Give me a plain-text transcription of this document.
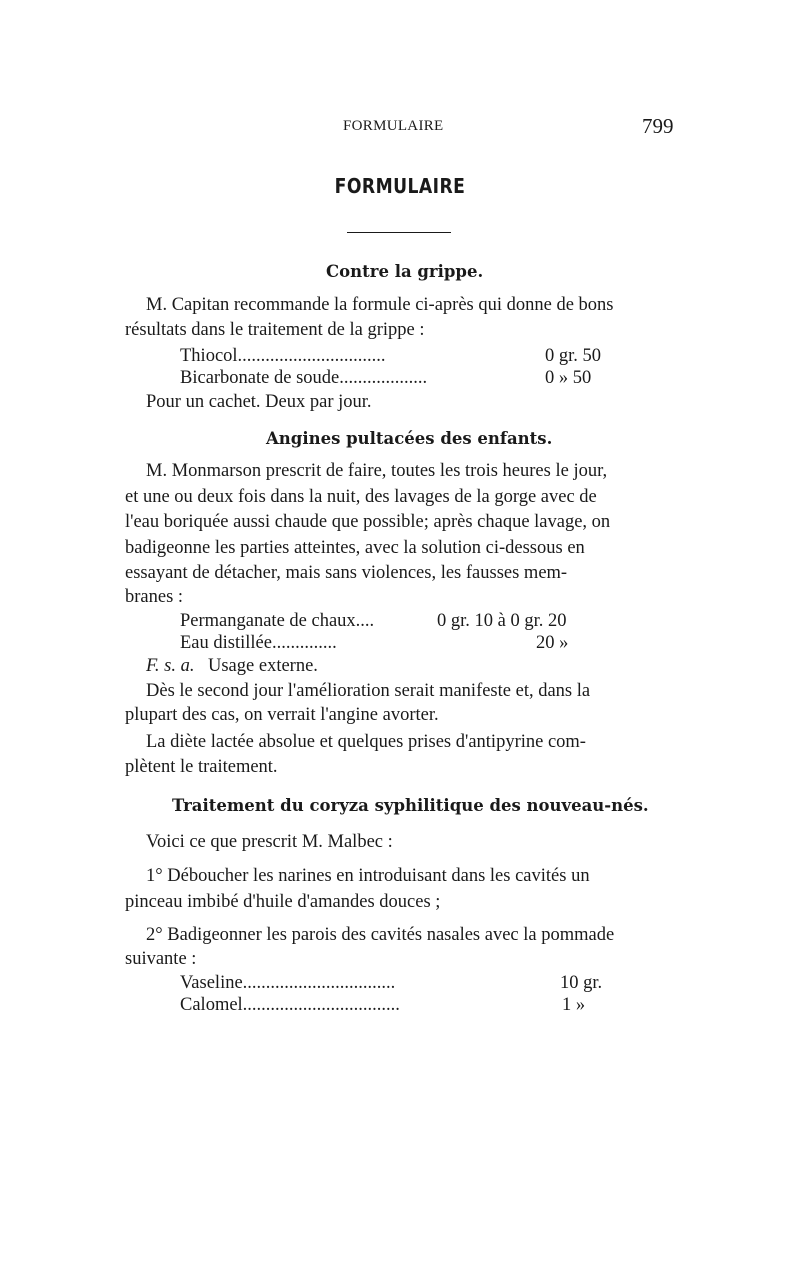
FORMULAIRE	799
FORMULAIRE
Contre la grippe.
M. Capitan recommande la formule ci-après qui donne de bons
résultats dans le traitement de la grippe :
Thiocol................................	0 gr. 50
Bicarbonate de soude...................	0 » 50
Pour un cachet. Deux par jour.
Angines pultacées des enfants.
M. Monmarson prescrit de faire, toutes les trois heures le jour,
et une ou deux fois dans la nuit, des lavages de la gorge avec de
l'eau boriquée aussi chaude que possible; après chaque lavage, on
badigeonne les parties atteintes, avec la solution ci-dessous en
essayant de détacher, mais sans violences, les fausses mem-
branes :
Permanganate de chaux....	0 gr. 10 à 0 gr. 20
Eau distillée..............	20 »
F. s. a. Usage externe.
Dès le second jour l'amélioration serait manifeste et, dans la
plupart des cas, on verrait l'angine avorter.
La diète lactée absolue et quelques prises d'antipyrine com-
plètent le traitement.
Traitement du coryza syphilitique des nouveau-nés.
Voici ce que prescrit M. Malbec :
1° Déboucher les narines en introduisant dans les cavités un
pinceau imbibé d'huile d'amandes douces ;
2° Badigeonner les parois des cavités nasales avec la pommade
suivante :
Vaseline.................................	10 gr.
Calomel..................................	1 »
